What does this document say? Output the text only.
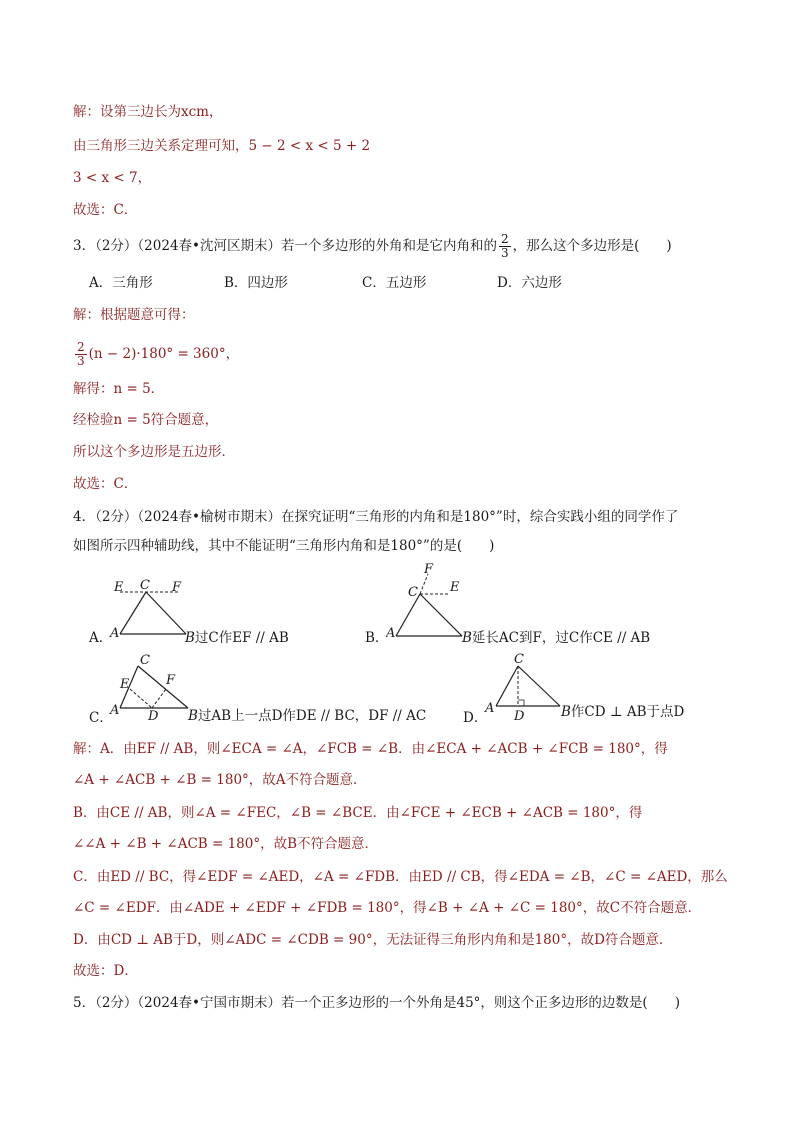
解：设第三边长为xcm，
由三角形三边关系定理可知，5 − 2 < x < 5 + 2
3 < x < 7，
故选：C．
3．（2分）（2024春•沈河区期末）若一个多边形的外角和是它内角和的 $\frac{2}{3}$ ，那么这个多边形是(　　)
A．三角形	B．四边形	C．五边形	D．六边形
解：根据题意可得：
$\frac{2}{3} (n - 2)\cdot 180^\circ = 360^\circ$，
解得：n = 5．
经检验n = 5符合题意，
所以这个多边形是五边形．
故选：C．
4．（2分）（2024春•榆树市期末）在探究证明“三角形的内角和是180°”时，综合实践小组的同学作了
如图所示四种辅助线，其中不能证明“三角形内角和是180°”的是(　　)
A．
E C F
A	B过C作EF // AB	B．
F
C E
A	B延长AC到F，过C作CE // AB
C．
C
E	F
A D B过AB上一点D作DE // BC，DF // AC	D．
C
A
D	B作CD ⊥ AB于点D
解：A．由EF // AB，则∠ECA = ∠A，∠FCB = ∠B．由∠ECA + ∠ACB + ∠FCB = 180°，得
∠A + ∠ACB + ∠B = 180°，故A不符合题意．
B．由CE // AB，则∠A = ∠FEC，∠B = ∠BCE．由∠FCE + ∠ECB + ∠ACB = 180°，得
∠∠A + ∠B + ∠ACB = 180°，故B不符合题意．
C．由ED // BC，得∠EDF = ∠AED，∠A = ∠FDB．由ED // CB，得∠EDA = ∠B，∠C = ∠AED，那么
∠C = ∠EDF．由∠ADE + ∠EDF + ∠FDB = 180°，得∠B + ∠A + ∠C = 180°，故C不符合题意．
D．由CD ⊥ AB于D，则∠ADC = ∠CDB = 90°，无法证得三角形内角和是180°，故D符合题意．
故选：D．
5．（2分）（2024春•宁国市期末）若一个正多边形的一个外角是45°，则这个正多边形的边数是(　　)
